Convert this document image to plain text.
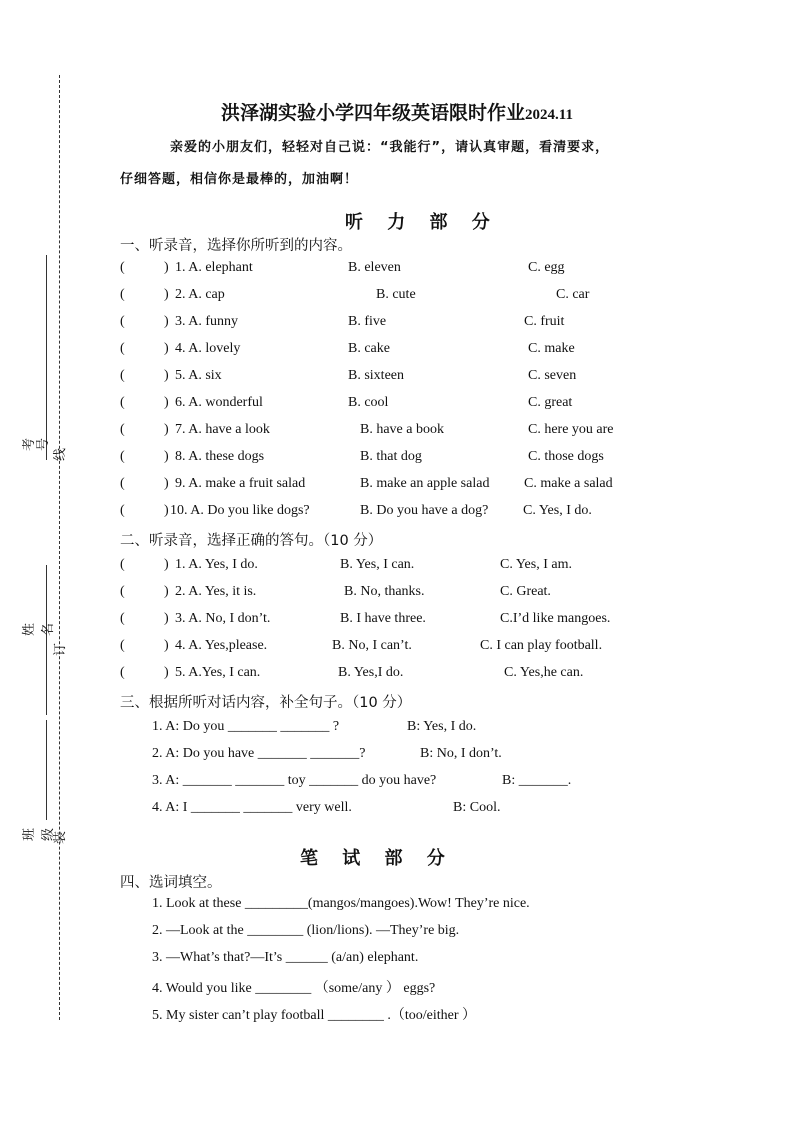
考号
线
姓名
订
班级
装
洪泽湖实验小学四年级英语限时作业2024.11
亲爱的小朋友们，轻轻对自己说：“我能行”，请认真审题，看清要求，
仔细答题，相信你是最棒的，加油啊！
听 力 部 分
一、听录音，选择你所听到的内容。
(	) 1. A. elephant	B. eleven	C. egg
(	) 2. A. cap	B. cute	C. car
(	) 3. A. funny	B. five	C. fruit
(	) 4. A. lovely	B. cake	C. make
(	) 5. A. six	B. sixteen	C. seven
(	) 6. A. wonderful	B. cool	C. great
(	) 7. A. have a look	B. have a book	C. here you are
(	) 8. A. these dogs	B. that dog	C. those dogs
(	) 9. A. make a fruit salad	B. make an apple salad C. make a salad
(	) 10. A. Do you like dogs?	B. Do you have a dog? C. Yes, I do.
二、听录音，选择正确的答句。（10 分）
(	) 1. A. Yes, I do.	B. Yes, I can.	C. Yes, I am.
(	) 2. A. Yes, it is.	B. No, thanks.	C. Great.
(	) 3. A. No, I don’t.	B. I have three.	C.I’d like mangoes.
(	) 4. A. Yes,please.	B. No, I can’t.	C. I can play football.
(	) 5. A.Yes, I can.	B. Yes,I do.	C. Yes,he can.
三、根据所听对话内容，补全句子。（10 分）
1. A: Do you _______ _______ ?	B: Yes, I do.
2. A: Do you have _______ _______?	B: No, I don’t.
3. A: _______ _______ toy _______ do you have?	B: _______.
4. A: I _______ _______ very well.	B: Cool.
笔 试 部 分
四、选词填空。
1. Look at these _________(mangos/mangoes).Wow! They’re nice.
2. —Look at the ________ (lion/lions). —They’re big.
3. —What’s that?—It’s ______ (a/an) elephant.
4. Would you like ________ （some/any ） eggs?
5. My sister can’t play football ________ .（too/either ）
